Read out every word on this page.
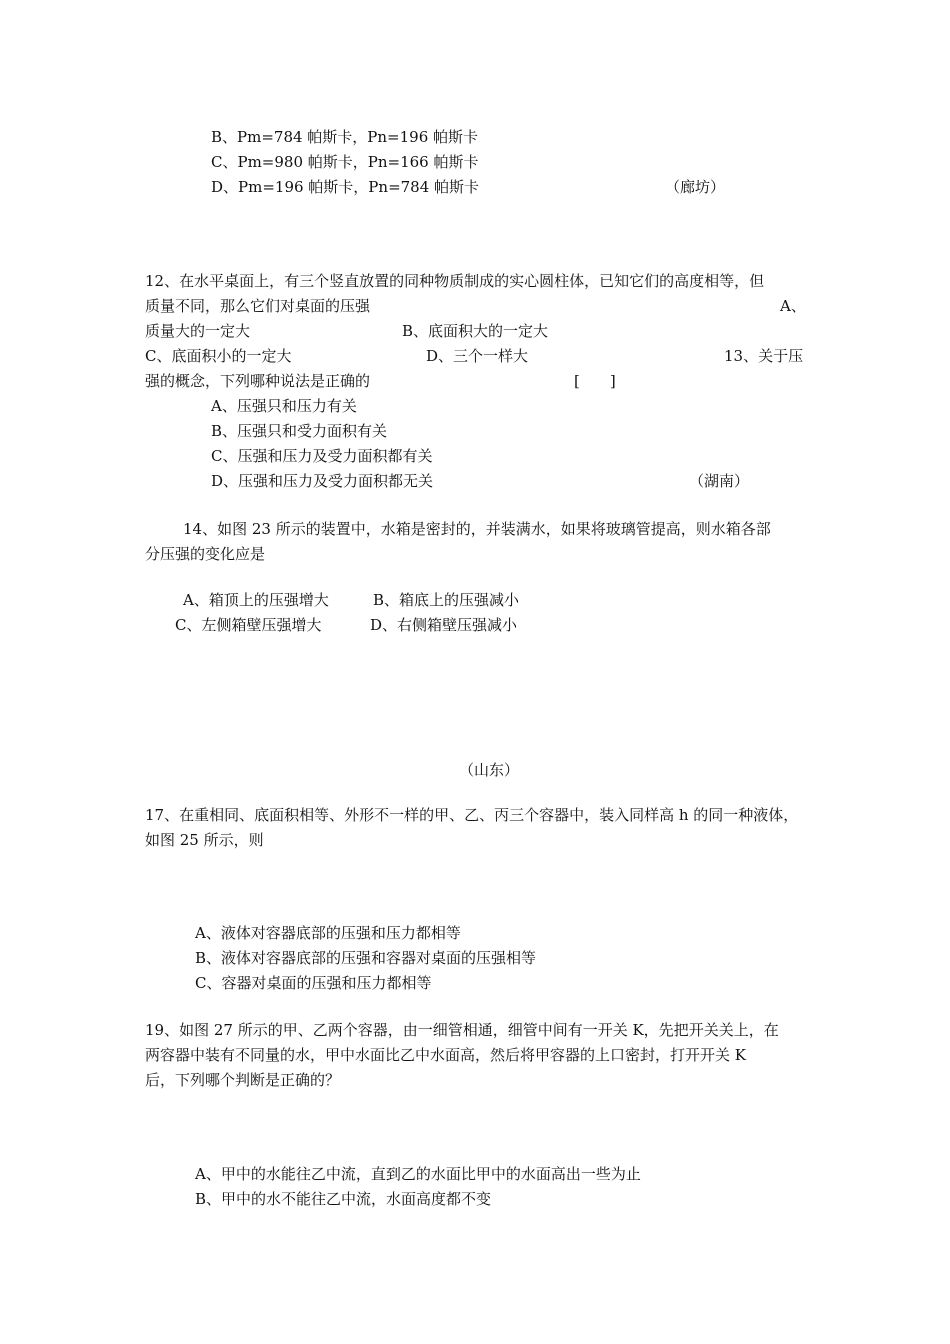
B、Pm=784 帕斯卡，Pn=196 帕斯卡
C、Pm=980 帕斯卡，Pn=166 帕斯卡
D、Pm=196 帕斯卡，Pn=784 帕斯卡	（廊坊）
12、在水平桌面上，有三个竖直放置的同种物质制成的实心圆柱体，已知它们的高度相等，但
质量不同，那么它们对桌面的压强	A、
质量大的一定大	B、底面积大的一定大
C、底面积小的一定大	D、三个一样大	13、关于压
强的概念，下列哪种说法是正确的	[　　]
A、压强只和压力有关
B、压强只和受力面积有关
C、压强和压力及受力面积都有关
D、压强和压力及受力面积都无关	（湖南）
14、如图 23 所示的装置中，水箱是密封的，并装满水，如果将玻璃管提高，则水箱各部
分压强的变化应是
A、箱顶上的压强增大	B、箱底上的压强减小
C、左侧箱壁压强增大	D、右侧箱壁压强减小
（山东）
17、在重相同、底面积相等、外形不一样的甲、乙、丙三个容器中，装入同样高 h 的同一种液体，
如图 25 所示，则
A、液体对容器底部的压强和压力都相等
B、液体对容器底部的压强和容器对桌面的压强相等
C、容器对桌面的压强和压力都相等
19、如图 27 所示的甲、乙两个容器，由一细管相通，细管中间有一开关 K，先把开关关上，在
两容器中装有不同量的水，甲中水面比乙中水面高，然后将甲容器的上口密封，打开开关 K
后，下列哪个判断是正确的？
A、甲中的水能往乙中流，直到乙的水面比甲中的水面高出一些为止
B、甲中的水不能往乙中流，水面高度都不变
